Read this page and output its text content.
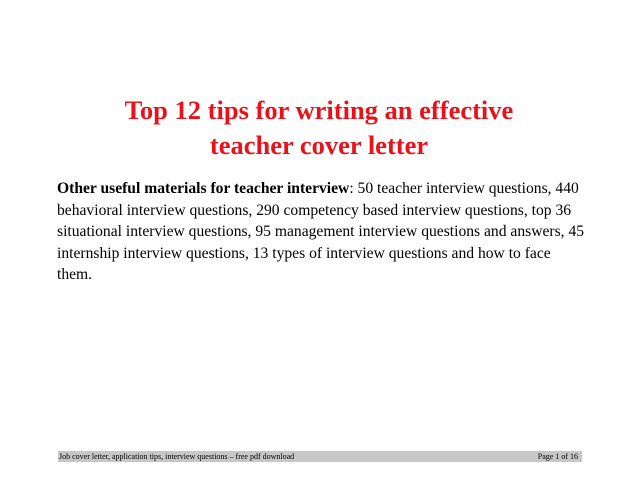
Top 12 tips for writing an effective
teacher cover letter

Other useful materials for teacher interview: 50 teacher interview questions, 440 behavioral interview questions, 290 competency based interview questions, top 36 situational interview questions, 95 management interview questions and answers, 45 internship interview questions, 13 types of interview questions and how to face them.

Job cover letter, application tips, interview questions – free pdf download	Page 1 of 16
